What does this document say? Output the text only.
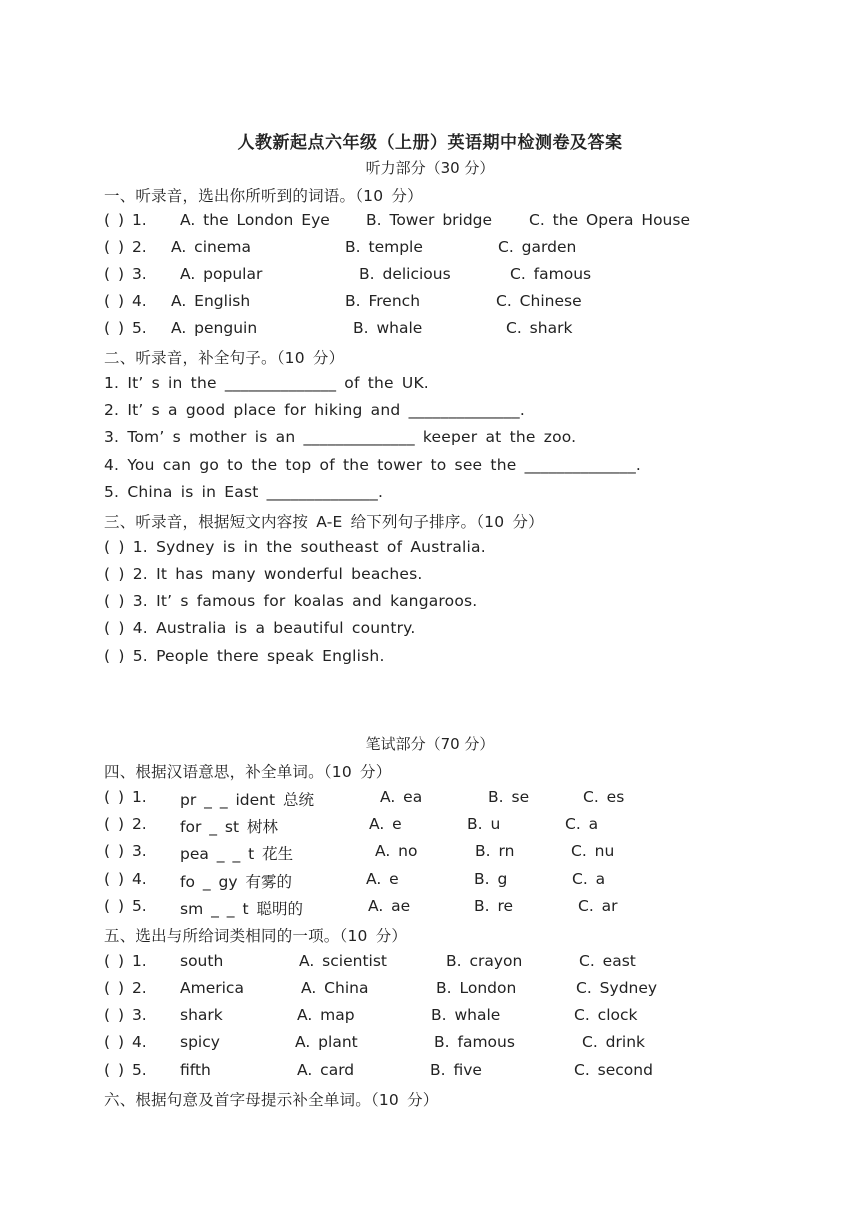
人教新起点六年级（上册）英语期中检测卷及答案
听力部分（30 分）
一、听录音，选出你所听到的词语。（10 分）
( ) 1. A. the London Eye B. Tower bridge C. the Opera House
( ) 2. A. cinema	B. temple	C. garden
( ) 3. A. popular	B. delicious	C. famous
( ) 4. A. English	B. French	C. Chinese
( ) 5. A. penguin	B. whale	C. shark
二、听录音，补全句子。（10 分）
1. It’ s in the ______________ of the UK.
2. It’ s a good place for hiking and ______________.
3. Tom’ s mother is an ______________ keeper at the zoo.
4. You can go to the top of the tower to see the ______________.
5. China is in East ______________.
三、听录音，根据短文内容按 A-E 给下列句子排序。（10 分）
( ) 1. Sydney is in the southeast of Australia.
( ) 2. It has many wonderful beaches.
( ) 3. It’ s famous for koalas and kangaroos.
( ) 4. Australia is a beautiful country.
( ) 5. People there speak English.
笔试部分（70 分）
四、根据汉语意思，补全单词。（10 分）
( ) 1. pr _ _ ident 总统	A. ea	B. se	C. es
( ) 2. for _ st 树林	A. e	B. u	C. a
( ) 3. pea _ _ t 花生	A. no	B. rn	C. nu
( ) 4. fo _ gy 有雾的	A. e	B. g	C. a
( ) 5. sm _ _ t 聪明的	A. ae	B. re	C. ar
五、选出与所给词类相同的一项。（10 分）
( ) 1. south	A. scientist	B. crayon	C. east
( ) 2. America	A. China	B. London	C. Sydney
( ) 3. shark	A. map	B. whale	C. clock
( ) 4. spicy	A. plant	B. famous	C. drink
( ) 5. fifth	A. card	B. five	C. second
六、根据句意及首字母提示补全单词。（10 分）
